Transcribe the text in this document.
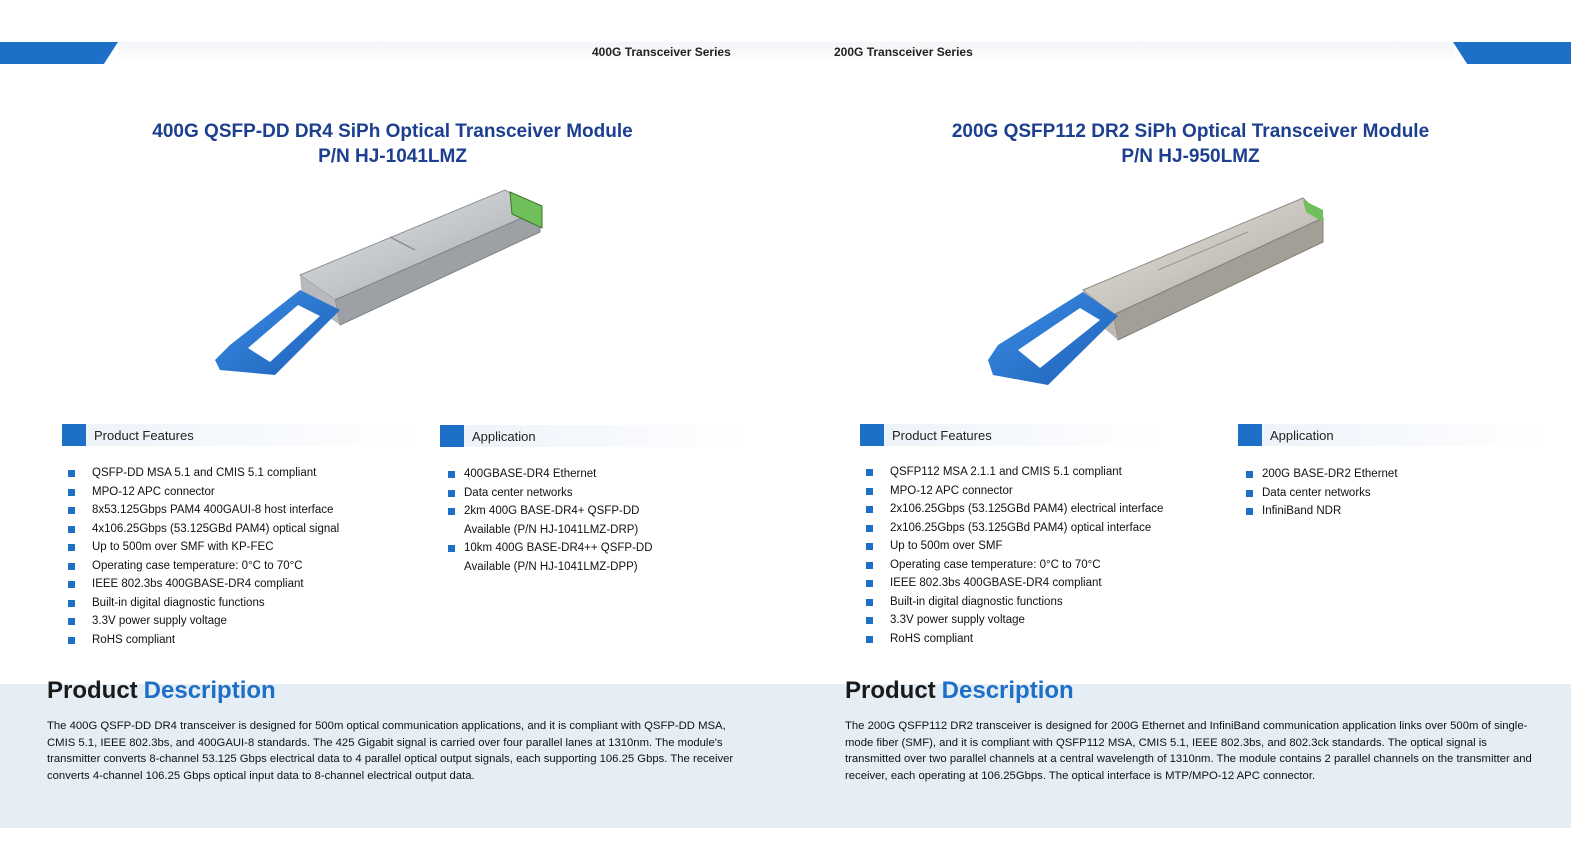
400G Transceiver Series	200G Transceiver Series
400G QSFP-DD DR4 SiPh Optical Transceiver Module
P/N HJ-1041LMZ
Product Features
QSFP-DD MSA 5.1 and CMIS 5.1 compliant
MPO-12 APC connector
8x53.125Gbps PAM4 400GAUI-8 host interface
4x106.25Gbps (53.125GBd PAM4) optical signal
Up to 500m over SMF with KP-FEC
Operating case temperature: 0°C to 70°C
IEEE 802.3bs 400GBASE-DR4 compliant
Built-in digital diagnostic functions
3.3V power supply voltage
RoHS compliant
Application
400GBASE-DR4 Ethernet
Data center networks
2km 400G BASE-DR4+ QSFP-DD
Available (P/N HJ-1041LMZ-DRP)
10km 400G BASE-DR4++ QSFP-DD
Available (P/N HJ-1041LMZ-DPP)
Product Description
The 400G QSFP-DD DR4 transceiver is designed for 500m optical communication applications, and it is compliant with QSFP-DD MSA, CMIS 5.1, IEEE 802.3bs, and 400GAUI-8 standards. The 425 Gigabit signal is carried over four parallel lanes at 1310nm. The module's transmitter converts 8-channel 53.125 Gbps electrical data to 4 parallel optical output signals, each supporting 106.25 Gbps. The receiver converts 4-channel 106.25 Gbps optical input data to 8-channel electrical output data.
200G QSFP112 DR2 SiPh Optical Transceiver Module
P/N HJ-950LMZ
Product Features
QSFP112 MSA 2.1.1 and CMIS 5.1 compliant
MPO-12 APC connector
2x106.25Gbps (53.125GBd PAM4) electrical interface
2x106.25Gbps (53.125GBd PAM4) optical interface
Up to 500m over SMF
Operating case temperature: 0°C to 70°C
IEEE 802.3bs 400GBASE-DR4 compliant
Built-in digital diagnostic functions
3.3V power supply voltage
RoHS compliant
Application
200G BASE-DR2 Ethernet
Data center networks
InfiniBand NDR
Product Description
The 200G QSFP112 DR2 transceiver is designed for 200G Ethernet and InfiniBand communication application links over 500m of single-mode fiber (SMF), and it is compliant with QSFP112 MSA, CMIS 5.1, IEEE 802.3bs, and 802.3ck standards. The optical signal is transmitted over two parallel channels at a central wavelength of 1310nm. The module contains 2 parallel channels on the transmitter and receiver, each operating at 106.25Gbps. The optical interface is MTP/MPO-12 APC connector.
